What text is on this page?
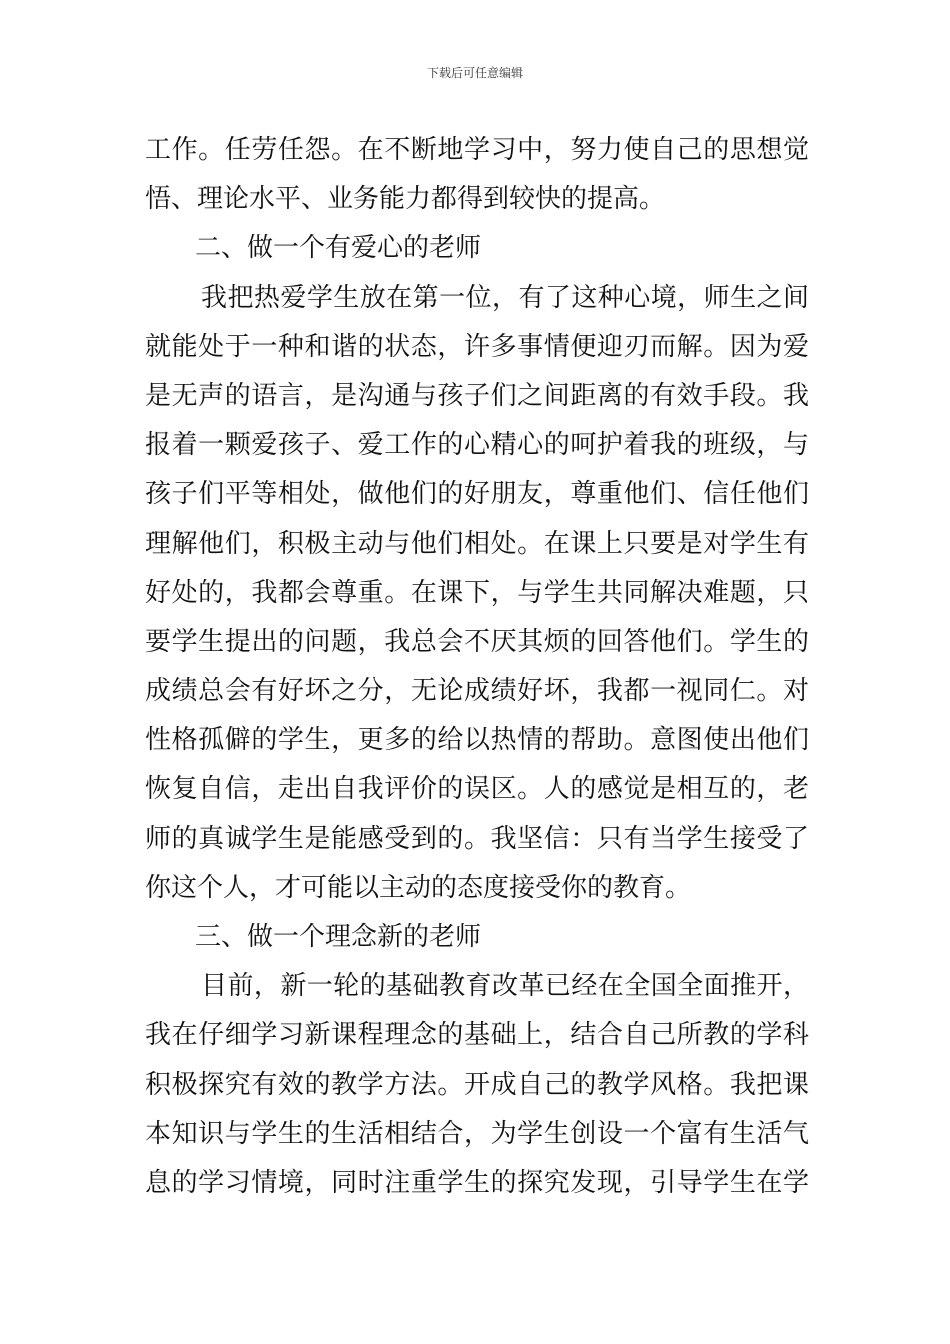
下载后可任意编辑
工作。任劳任怨。在不断地学习中，努力使自己的思想觉
悟、理论水平、业务能力都得到较快的提高。
二、做一个有爱心的老师
我把热爱学生放在第一位，有了这种心境，师生之间
就能处于一种和谐的状态，许多事情便迎刃而解。因为爱
是无声的语言，是沟通与孩子们之间距离的有效手段。我
报着一颗爱孩子、爱工作的心精心的呵护着我的班级，与
孩子们平等相处，做他们的好朋友，尊重他们、信任他们
理解他们，积极主动与他们相处。在课上只要是对学生有
好处的，我都会尊重。在课下，与学生共同解决难题，只
要学生提出的问题，我总会不厌其烦的回答他们。学生的
成绩总会有好坏之分，无论成绩好坏，我都一视同仁。对
性格孤僻的学生，更多的给以热情的帮助。意图使出他们
恢复自信，走出自我评价的误区。人的感觉是相互的，老
师的真诚学生是能感受到的。我坚信：只有当学生接受了
你这个人，才可能以主动的态度接受你的教育。
三、做一个理念新的老师
目前，新一轮的基础教育改革已经在全国全面推开，
我在仔细学习新课程理念的基础上，结合自己所教的学科
积极探究有效的教学方法。开成自己的教学风格。我把课
本知识与学生的生活相结合，为学生创设一个富有生活气
息的学习情境，同时注重学生的探究发现，引导学生在学
